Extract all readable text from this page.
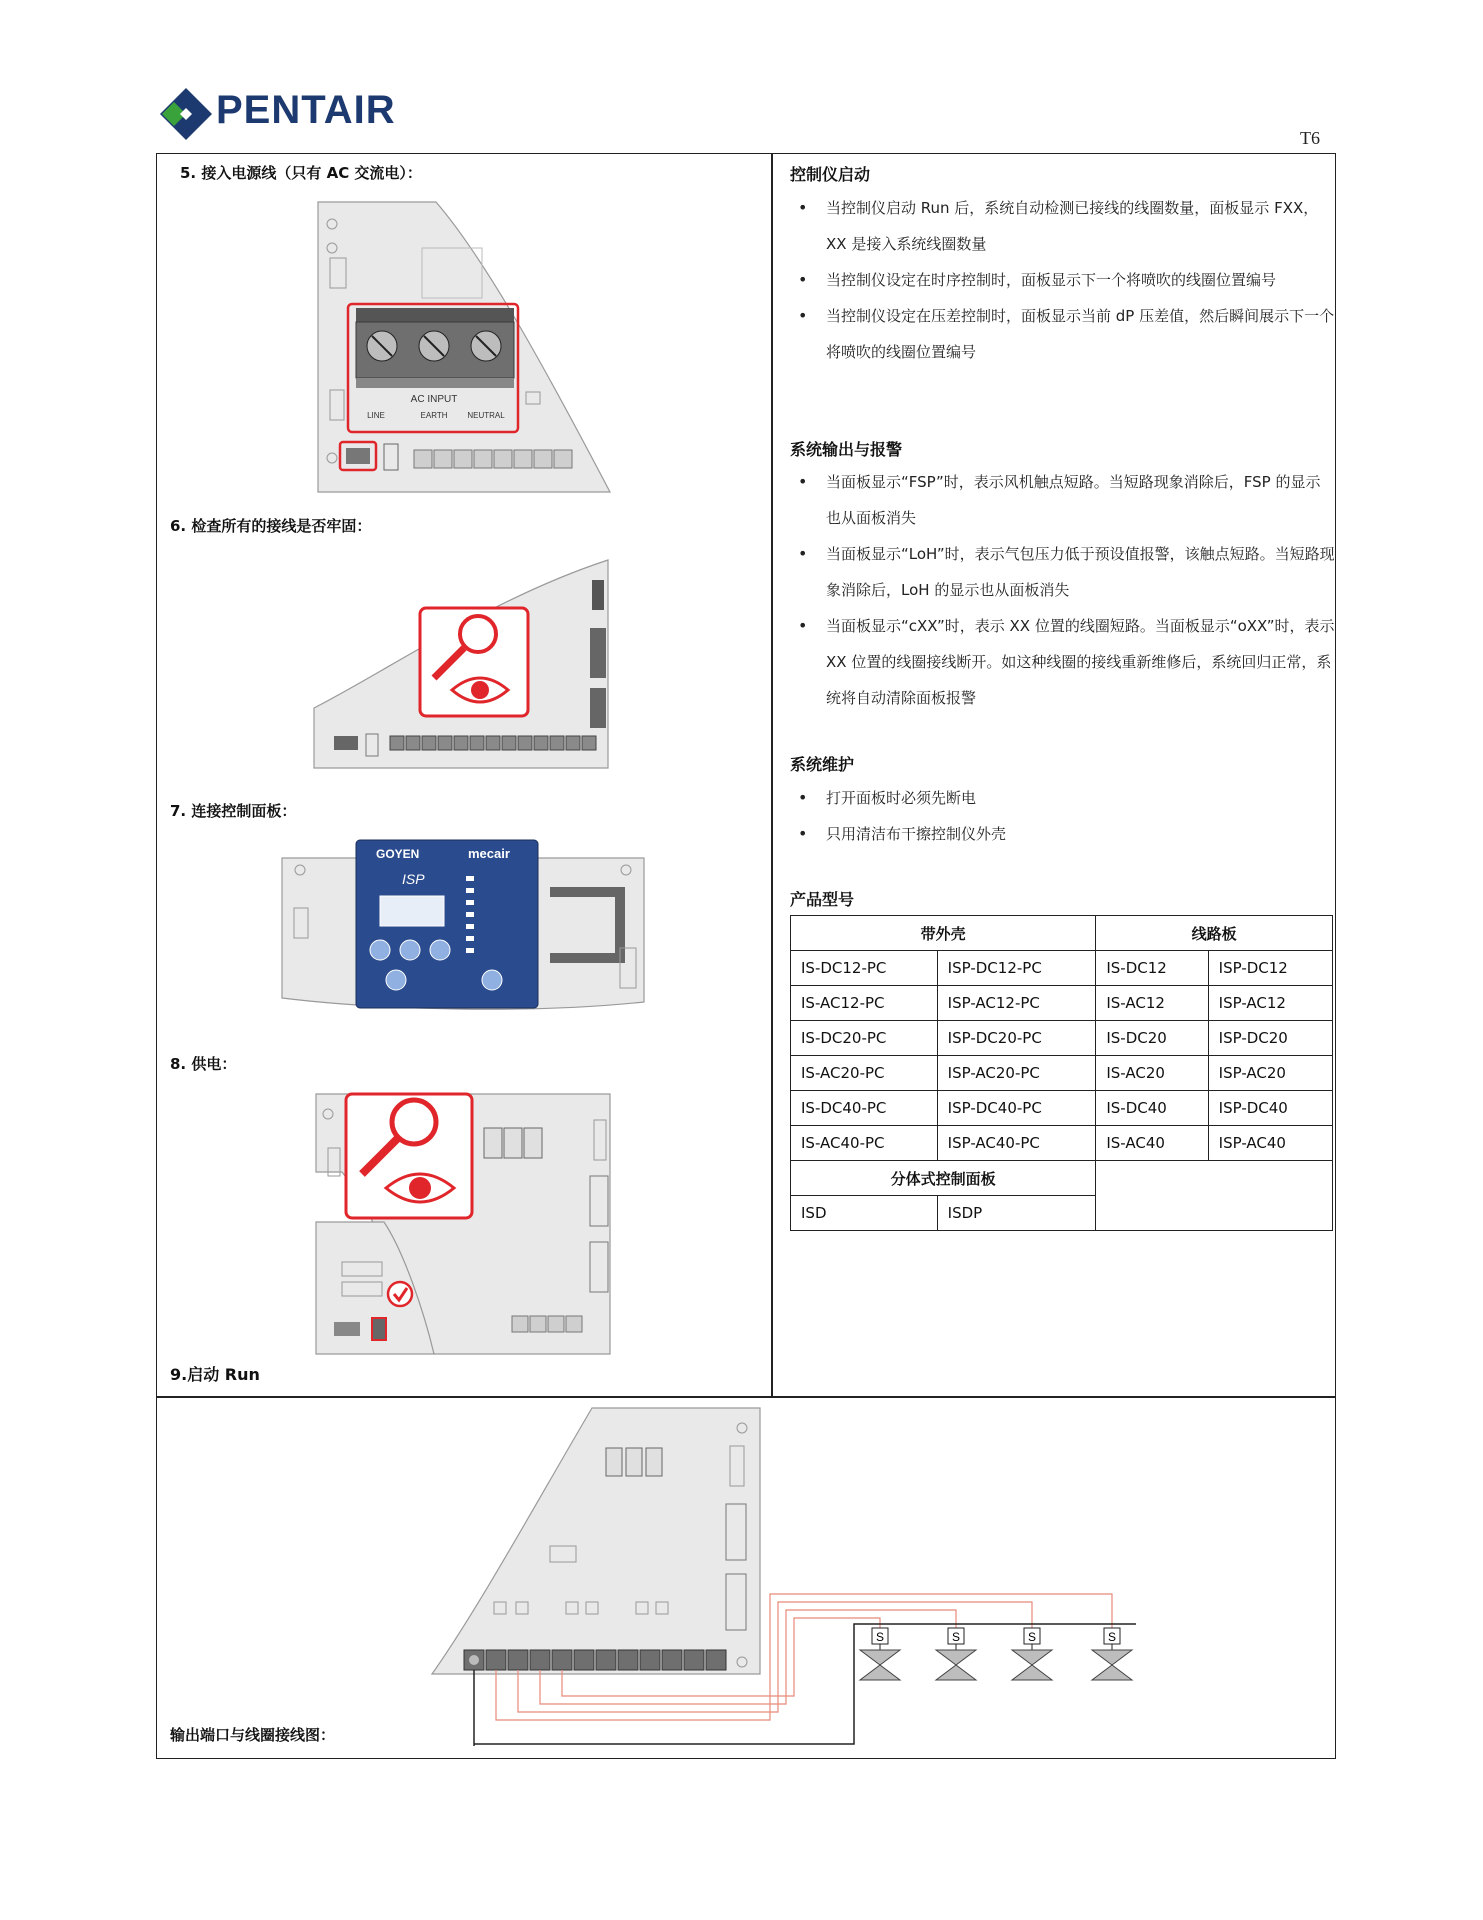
PENTAIR
T6
5. 接入电源线（只有 AC 交流电）：
AC INPUT
LINE	EARTH NEUTRAL
6. 检查所有的接线是否牢固：
7. 连接控制面板：
GOYEN	mecair
ISP
8. 供电：
9.启动 Run
控制仪启动
• 当控制仪启动 Run 后，系统自动检测已接线的线圈数量，面板显示 FXX，XX 是接入系统线圈数量
• 当控制仪设定在时序控制时，面板显示下一个将喷吹的线圈位置编号
• 当控制仪设定在压差控制时，面板显示当前 dP 压差值，然后瞬间展示下一个将喷吹的线圈位置编号
系统输出与报警
• 当面板显示“FSP”时，表示风机触点短路。当短路现象消除后，FSP 的显示也从面板消失
• 当面板显示“LoH”时，表示气包压力低于预设值报警，该触点短路。当短路现象消除后，LoH 的显示也从面板消失
• 当面板显示“cXX”时，表示 XX 位置的线圈短路。当面板显示“oXX”时，表示 XX 位置的线圈接线断开。如这种线圈的接线重新维修后，系统回归正常，系统将自动清除面板报警
系统维护
• 打开面板时必须先断电
• 只用清洁布干擦控制仪外壳
产品型号
带外壳		线路板	
IS-DC12-PC	ISP-DC12-PC	IS-DC12	ISP-DC12
IS-AC12-PC	ISP-AC12-PC	IS-AC12	ISP-AC12
IS-DC20-PC	ISP-DC20-PC	IS-DC20	ISP-DC20
IS-AC20-PC	ISP-AC20-PC	IS-AC20	ISP-AC20
IS-DC40-PC	ISP-DC40-PC	IS-DC40	ISP-DC40
IS-AC40-PC	ISP-AC40-PC	IS-AC40	ISP-AC40
分体式控制面板			
ISD	ISDP		
S	S	S	S
输出端口与线圈接线图：
